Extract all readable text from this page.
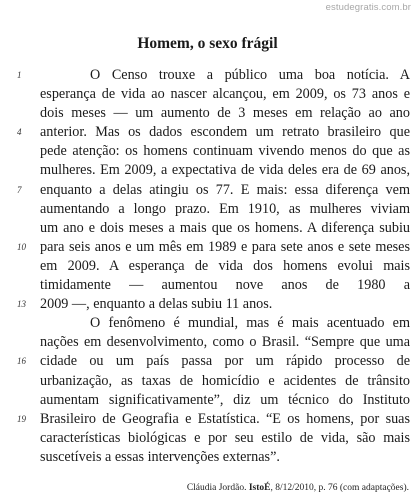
estudegratis.com.br
Homem, o sexo frágil
1	O Censo trouxe a público uma boa notícia. A
esperança de vida ao nascer alcançou, em 2009, os 73 anos e
dois meses — um aumento de 3 meses em relação ao ano
4	anterior. Mas os dados escondem um retrato brasileiro que
pede atenção: os homens continuam vivendo menos do que as
mulheres. Em 2009, a expectativa de vida deles era de 69 anos,
7	enquanto a delas atingiu os 77. E mais: essa diferença vem
aumentando a longo prazo. Em 1910, as mulheres viviam
um ano e dois meses a mais que os homens. A diferença subiu
10 para seis anos e um mês em 1989 e para sete anos e sete meses
em 2009. A esperança de vida dos homens evolui mais
timidamente — aumentou nove anos de 1980 a
13 2009 —, enquanto a delas subiu 11 anos.
O fenômeno é mundial, mas é mais acentuado em
nações em desenvolvimento, como o Brasil. “Sempre que uma
16 cidade ou um país passa por um rápido processo de
urbanização, as taxas de homicídio e acidentes de trânsito
aumentam significativamente”, diz um técnico do Instituto
19 Brasileiro de Geografia e Estatística. “E os homens, por suas
características biológicas e por seu estilo de vida, são mais
suscetíveis a essas intervenções externas”.
Cláudia Jordão. IstoÉ, 8/12/2010, p. 76 (com adaptações).
